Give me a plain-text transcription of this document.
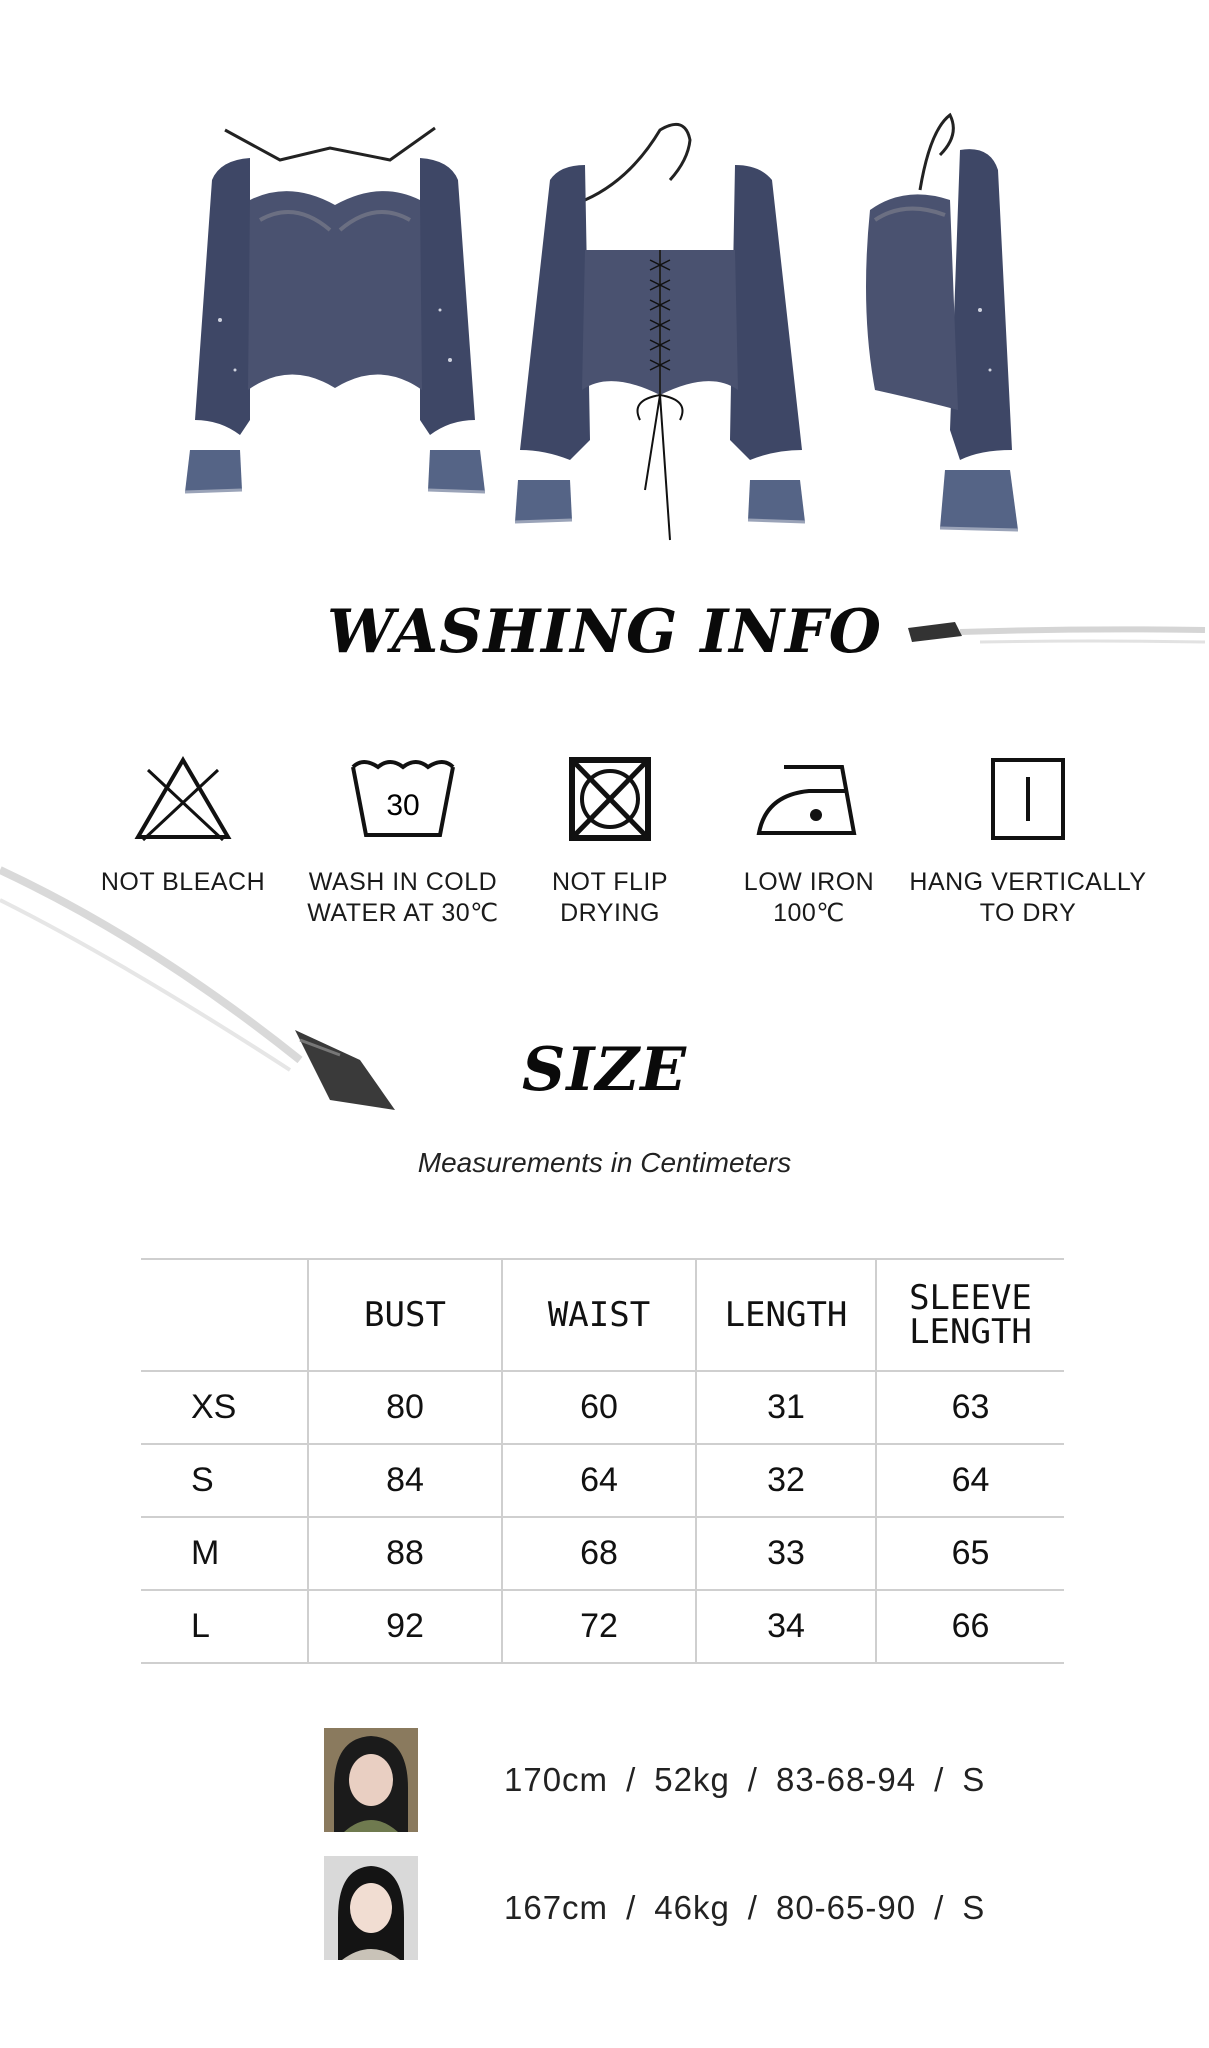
WASHING INFO
NOT BLEACH
30
WASH IN COLD
WATER AT 30℃
NOT FLIP
DRYING
LOW IRON
100℃
HANG VERTICALLY
TO DRY
SIZE
Measurements in Centimeters
	BUST	WAIST	LENGTH	SLEEVE
LENGTH

XS	80	60	31	63
S	84	64	32	64
M	88	68	33	65
L	92	72	34	66
170cm / 52kg / 83-68-94 / S
167cm / 46kg / 80-65-90 / S
